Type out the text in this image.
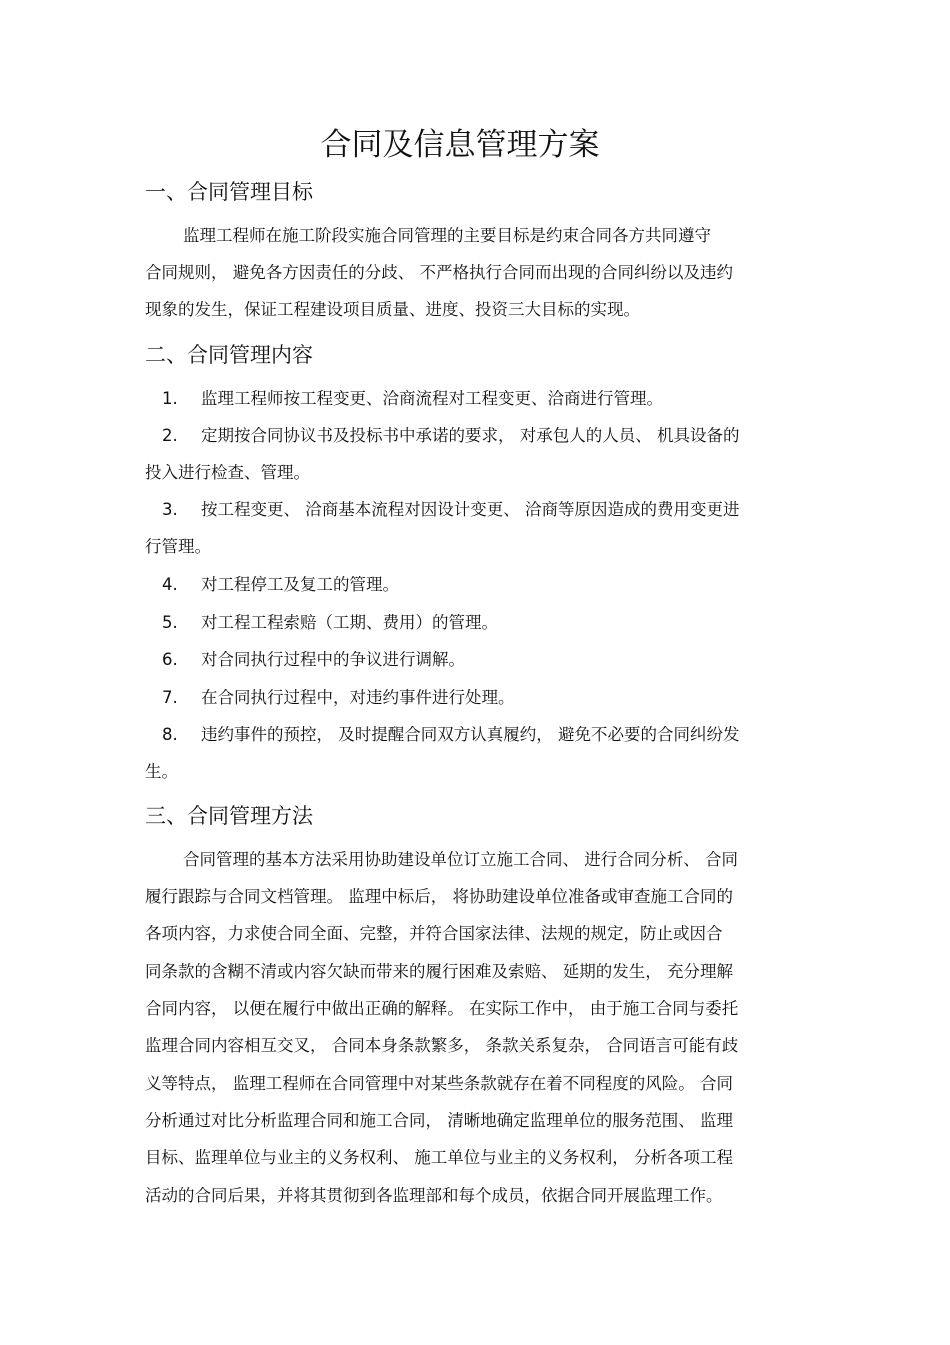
合同及信息管理方案
一、合同管理目标

监理工程师在施工阶段实施合同管理的主要目标是约束合同各方共同遵守

合同规则， 避免各方因责任的分歧、 不严格执行合同而出现的合同纠纷以及违约

现象的发生，保证工程建设项目质量、进度、投资三大目标的实现。

二、合同管理内容
1. 监理工程师按工程变更、洽商流程对工程变更、洽商进行管理。

2. 定期按合同协议书及投标书中承诺的要求， 对承包人的人员、 机具设备的

投入进行检查、管理。

3. 按工程变更、 洽商基本流程对因设计变更、 洽商等原因造成的费用变更进

行管理。

4. 对工程停工及复工的管理。

5. 对工程工程索赔（工期、费用）的管理。

6. 对合同执行过程中的争议进行调解。

7. 在合同执行过程中，对违约事件进行处理。

8. 违约事件的预控， 及时提醒合同双方认真履约， 避免不必要的合同纠纷发

生。

三、合同管理方法

合同管理的基本方法采用协助建设单位订立施工合同、 进行合同分析、 合同

履行跟踪与合同文档管理。 监理中标后， 将协助建设单位准备或审查施工合同的

各项内容，力求使合同全面、完整，并符合国家法律、法规的规定，防止或因合

同条款的含糊不清或内容欠缺而带来的履行困难及索赔、 延期的发生， 充分理解

合同内容， 以便在履行中做出正确的解释。 在实际工作中， 由于施工合同与委托

监理合同内容相互交叉， 合同本身条款繁多， 条款关系复杂， 合同语言可能有歧

义等特点， 监理工程师在合同管理中对某些条款就存在着不同程度的风险。 合同

分析通过对比分析监理合同和施工合同， 清晰地确定监理单位的服务范围、 监理

目标、监理单位与业主的义务权利、 施工单位与业主的义务权利， 分析各项工程

活动的合同后果，并将其贯彻到各监理部和每个成员，依据合同开展监理工作。
